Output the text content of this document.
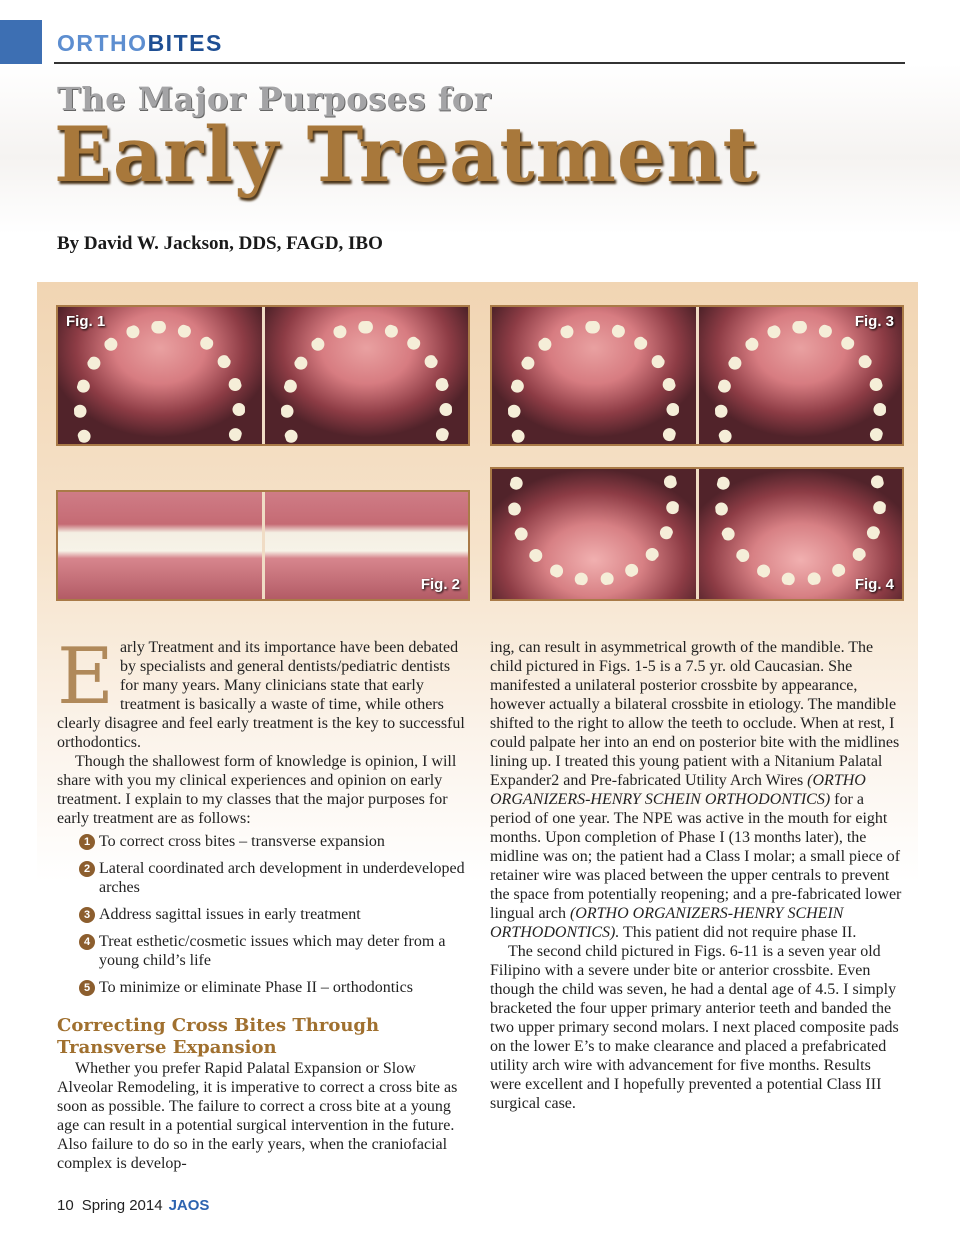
ORTHOBITES
The Major Purposes for
Early Treatment
By David W. Jackson, DDS, FAGD, IBO
Fig. 1
Fig. 2
Fig. 3
Fig. 4

Early Treatment and its importance have been debated by specialists and general dentists/pediatric dentists for many years. Many clinicians state that early treatment is basically a waste of time, while others clearly disagree and feel early treatment is the key to successful orthodontics.

Though the shallowest form of knowledge is opinion, I will share with you my clinical experiences and opinion on early treatment. I explain to my classes that the major purposes for early treatment are as follows:

1 To correct cross bites – transverse expansion
2 Lateral coordinated arch development in underdeveloped arches
3 Address sagittal issues in early treatment
4 Treat esthetic/cosmetic issues which may deter from a young child’s life
5 To minimize or eliminate Phase II – orthodontics
Correcting Cross Bites Through Transverse Expansion

Whether you prefer Rapid Palatal Expansion or Slow Alveolar Remodeling, it is imperative to correct a cross bite as soon as possible. The failure to correct a cross bite at a young age can result in a potential surgical intervention in the future. Also failure to do so in the early years, when the craniofacial complex is develop-

ing, can result in asymmetrical growth of the mandible. The child pictured in Figs. 1-5 is a 7.5 yr. old Caucasian. She manifested a unilateral posterior crossbite by appearance, however actually a bilateral crossbite in etiology. The mandible shifted to the right to allow the teeth to occlude. When at rest, I could palpate her into an end on posterior bite with the midlines lining up. I treated this young patient with a Nitanium Palatal Expander2 and Pre-fabricated Utility Arch Wires (ORTHO ORGANIZERS-HENRY SCHEIN ORTHODONTICS) for a period of one year. The NPE was active in the mouth for eight months. Upon completion of Phase I (13 months later), the midline was on; the patient had a Class I molar; a small piece of retainer wire was placed between the upper centrals to prevent the space from potentially reopening; and a pre-fabricated lower lingual arch (ORTHO ORGANIZERS-HENRY SCHEIN ORTHODONTICS). This patient did not require phase II.

The second child pictured in Figs. 6-11 is a seven year old Filipino with a severe under bite or anterior crossbite. Even though the child was seven, he had a dental age of 4.5. I simply bracketed the four upper primary anterior teeth and banded the two upper primary second molars. I next placed composite pads on the lower E’s to make clearance and placed a prefabricated utility arch wire with advancement for five months. Results were excellent and I hopefully prevented a potential Class III surgical case.

10 Spring 2014 JAOS
